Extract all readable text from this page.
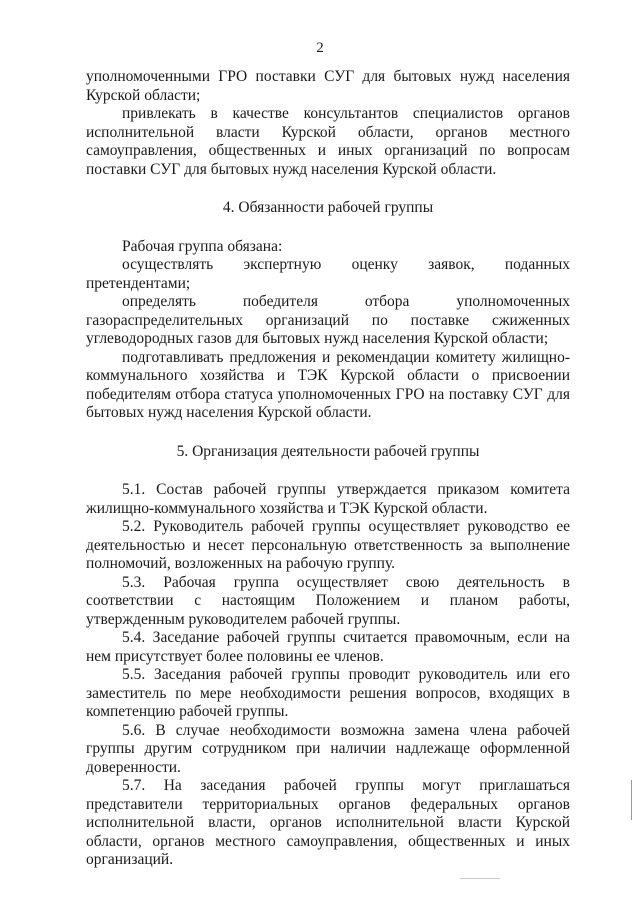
2

уполномоченными ГРО поставки СУГ для бытовых нужд населения Курской области;

привлекать в качестве консультантов специалистов органов исполнительной власти Курской области, органов местного самоуправления, общественных и иных организаций по вопросам поставки СУГ для бытовых нужд населения Курской области.

4. Обязанности рабочей группы

Рабочая группа обязана:

осуществлять экспертную оценку заявок, поданных претендентами;

определять победителя отбора уполномоченных газораспределительных организаций по поставке сжиженных углеводородных газов для бытовых нужд населения Курской области;

подготавливать предложения и рекомендации комитету жилищно-коммунального хозяйства и ТЭК Курской области о присвоении победителям отбора статуса уполномоченных ГРО на поставку СУГ для бытовых нужд населения Курской области.

5. Организация деятельности рабочей группы

5.1. Состав рабочей группы утверждается приказом комитета жилищно-коммунального хозяйства и ТЭК Курской области.

5.2. Руководитель рабочей группы осуществляет руководство ее деятельностью и несет персональную ответственность за выполнение полномочий, возложенных на рабочую группу.

5.3. Рабочая группа осуществляет свою деятельность в соответствии с настоящим Положением и планом работы, утвержденным руководителем рабочей группы.

5.4. Заседание рабочей группы считается правомочным, если на нем присутствует более половины ее членов.

5.5. Заседания рабочей группы проводит руководитель или его заместитель по мере необходимости решения вопросов, входящих в компетенцию рабочей группы.

5.6. В случае необходимости возможна замена члена рабочей группы другим сотрудником при наличии надлежаще оформленной доверенности.

5.7. На заседания рабочей группы могут приглашаться представители территориальных органов федеральных органов исполнительной власти, органов исполнительной власти Курской области, органов местного самоуправления, общественных и иных организаций.
